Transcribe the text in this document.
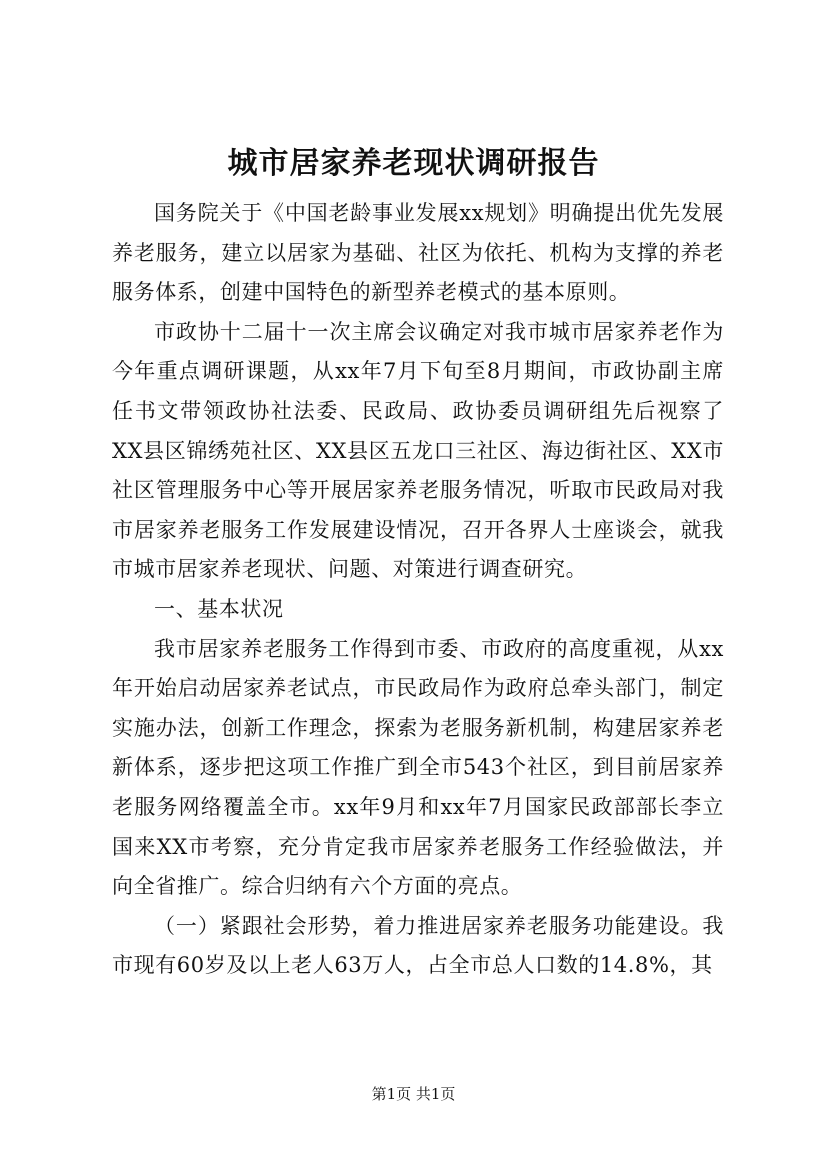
城市居家养老现状调研报告

国务院关于《中国老龄事业发展xx规划》明确提出优先发展养老服务，建立以居家为基础、社区为依托、机构为支撑的养老服务体系，创建中国特色的新型养老模式的基本原则。

市政协十二届十一次主席会议确定对我市城市居家养老作为今年重点调研课题，从xx年7月下旬至8月期间，市政协副主席任书文带领政协社法委、民政局、政协委员调研组先后视察了XX县区锦绣苑社区、XX县区五龙口三社区、海边街社区、XX市社区管理服务中心等开展居家养老服务情况，听取市民政局对我市居家养老服务工作发展建设情况，召开各界人士座谈会，就我市城市居家养老现状、问题、对策进行调查研究。

一、基本状况

我市居家养老服务工作得到市委、市政府的高度重视，从xx年开始启动居家养老试点，市民政局作为政府总牵头部门，制定实施办法，创新工作理念，探索为老服务新机制，构建居家养老新体系，逐步把这项工作推广到全市543个社区，到目前居家养老服务网络覆盖全市。xx年9月和xx年7月国家民政部部长李立国来XX市考察，充分肯定我市居家养老服务工作经验做法，并向全省推广。综合归纳有六个方面的亮点。

（一）紧跟社会形势，着力推进居家养老服务功能建设。我市现有60岁及以上老人63万人，占全市总人口数的14.8%，其

第1页 共1页
